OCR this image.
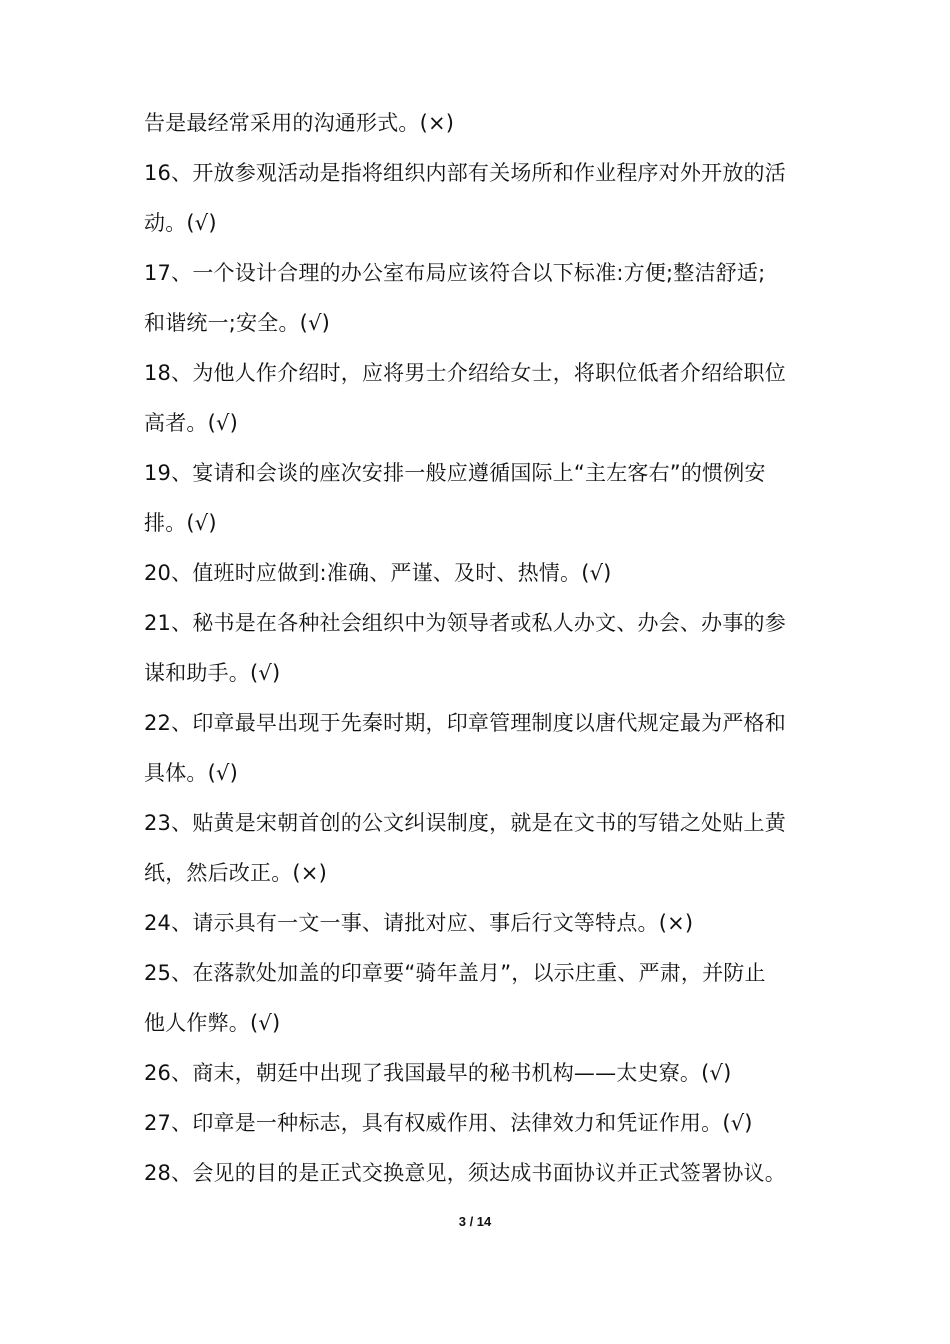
告是最经常采用的沟通形式。(×)
16、开放参观活动是指将组织内部有关场所和作业程序对外开放的活
动。(√)
17、一个设计合理的办公室布局应该符合以下标准:方便;整洁舒适;
和谐统一;安全。(√)
18、为他人作介绍时，应将男士介绍给女士，将职位低者介绍给职位
高者。(√)
19、宴请和会谈的座次安排一般应遵循国际上“主左客右”的惯例安
排。(√)
20、值班时应做到:准确、严谨、及时、热情。(√)
21、秘书是在各种社会组织中为领导者或私人办文、办会、办事的参
谋和助手。(√)
22、印章最早出现于先秦时期，印章管理制度以唐代规定最为严格和
具体。(√)
23、贴黄是宋朝首创的公文纠误制度，就是在文书的写错之处贴上黄
纸，然后改正。(×)
24、请示具有一文一事、请批对应、事后行文等特点。(×)
25、在落款处加盖的印章要“骑年盖月”，以示庄重、严肃，并防止
他人作弊。(√)
26、商末，朝廷中出现了我国最早的秘书机构——太史寮。(√)
27、印章是一种标志，具有权威作用、法律效力和凭证作用。(√)
28、会见的目的是正式交换意见，须达成书面协议并正式签署协议。
3 / 14
